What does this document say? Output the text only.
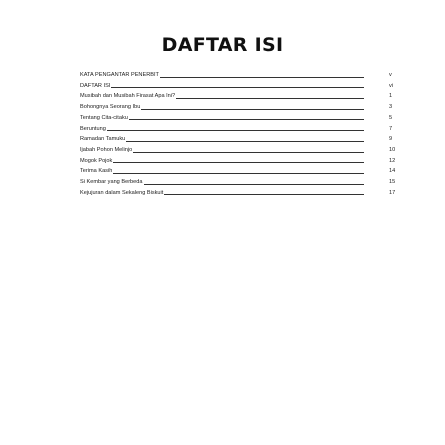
DAFTAR ISI
KATA PENGANTAR PENERBIT	v
DAFTAR ISI	vi
Musibah dan Musibah Firasat Apa Ini?	1
Bohongnya Seorang Ibu	3
Tentang Cita-citaku	5
Beruntung	7
Ramadan Tamuku	9
Ijabah Pohon Melinjo	10
Mogok Pojok	12
Terima Kasih	14
Si Kembar yang Berbeda	15
Kejujuran dalam Sekaleng Biskuit	17
